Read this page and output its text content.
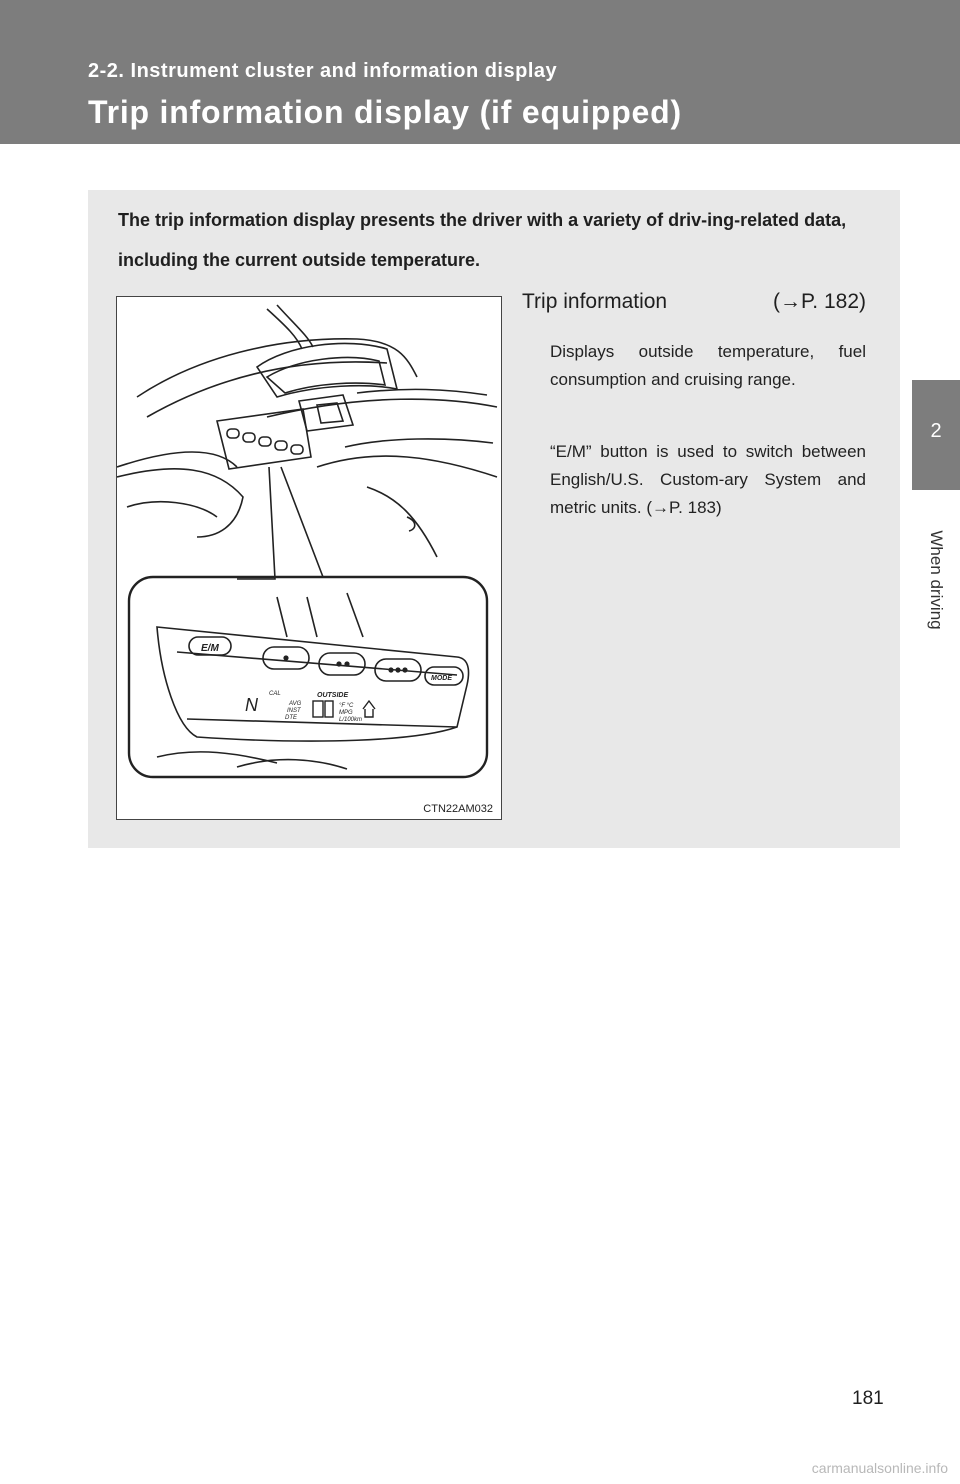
2-2. Instrument cluster and information display
Trip information display (if equipped)
2
When driving
The trip information display presents the driver with a variety of driv-ing-related data, including the current outside temperature.
E/M
MODE
CAL
AVG
INST
DTE
OUTSIDE
°F °C
MPG
L/100km
N
CTN22AM032
Trip information	(→P. 182)
Displays outside temperature, fuel consumption and cruising range.
“E/M” button is used to switch between English/U.S. Custom-ary System and metric units. (→P. 183)
181
carmanualsonline.info
